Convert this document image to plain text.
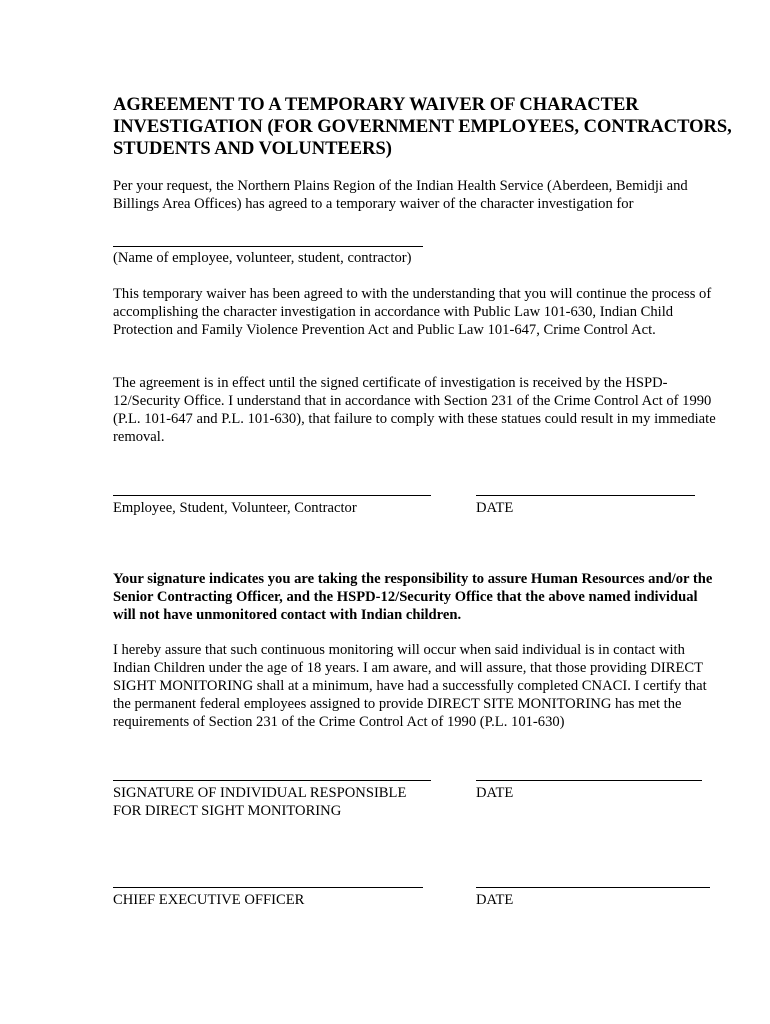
AGREEMENT TO A TEMPORARY WAIVER OF CHARACTER INVESTIGATION (FOR GOVERNMENT EMPLOYEES, CONTRACTORS, STUDENTS AND VOLUNTEERS)

Per your request, the Northern Plains Region of the Indian Health Service (Aberdeen, Bemidji and Billings Area Offices) has agreed to a temporary waiver of the character investigation for

(Name of employee, volunteer, student, contractor)

This temporary waiver has been agreed to with the understanding that you will continue the process of accomplishing the character investigation in accordance with Public Law 101-630, Indian Child Protection and Family Violence Prevention Act and Public Law 101-647, Crime Control Act.

The agreement is in effect until the signed certificate of investigation is received by the HSPD-12/Security Office. I understand that in accordance with Section 231 of the Crime Control Act of 1990 (P.L. 101-647 and P.L. 101-630), that failure to comply with these statues could result in my immediate removal.

Employee, Student, Volunteer, Contractor	DATE

Your signature indicates you are taking the responsibility to assure Human Resources and/or the Senior Contracting Officer, and the HSPD-12/Security Office that the above named individual will not have unmonitored contact with Indian children.

I hereby assure that such continuous monitoring will occur when said individual is in contact with Indian Children under the age of 18 years. I am aware, and will assure, that those providing DIRECT SIGHT MONITORING shall at a minimum, have had a successfully completed CNACI. I certify that the permanent federal employees assigned to provide DIRECT SITE MONITORING has met the requirements of Section 231 of the Crime Control Act of 1990 (P.L. 101-630)

SIGNATURE OF INDIVIDUAL RESPONSIBLE

FOR DIRECT SIGHT MONITORING

DATE

CHIEF EXECUTIVE OFFICER	DATE
